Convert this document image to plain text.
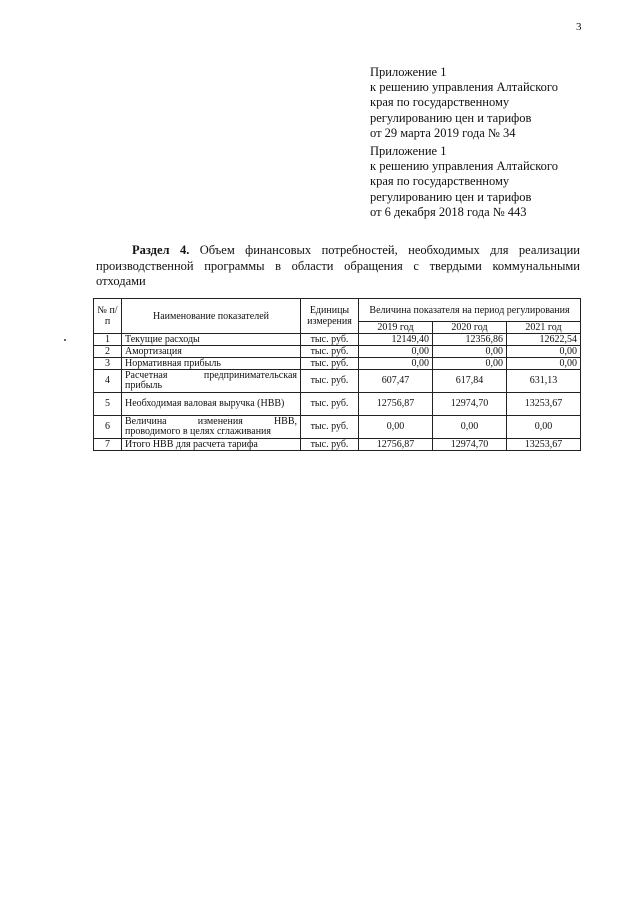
3
Приложение 1
к решению управления Алтайского
края по государственному
регулированию цен и тарифов
от 29 марта 2019 года № 34
Приложение 1
к решению управления Алтайского
края по государственному
регулированию цен и тарифов
от 6 декабря 2018 года № 443
Раздел 4. Объем финансовых потребностей, необходимых для реализации производственной программы в области обращения с твердыми коммунальными отходами
№ п/п	Наименование показателей	Единицы измерения	Величина показателя на период регулирования		
			2019 год	2020 год	2021 год
1	Текущие расходы	тыс. руб.	12149,40	12356,86	12622,54
2	Амортизация	тыс. руб.	0,00	0,00	0,00
3	Нормативная прибыль	тыс. руб.	0,00	0,00	0,00
4	Расчетная предпринимательская прибыль	тыс. руб.	607,47	617,84	631,13
5	Необходимая валовая выручка (НВВ)	тыс. руб.	12756,87	12974,70	13253,67
6	Величина изменения НВВ, проводимого в целях сглаживания	тыс. руб.	0,00	0,00	0,00
7	Итого НВВ для расчета тарифа	тыс. руб.	12756,87	12974,70	13253,67
